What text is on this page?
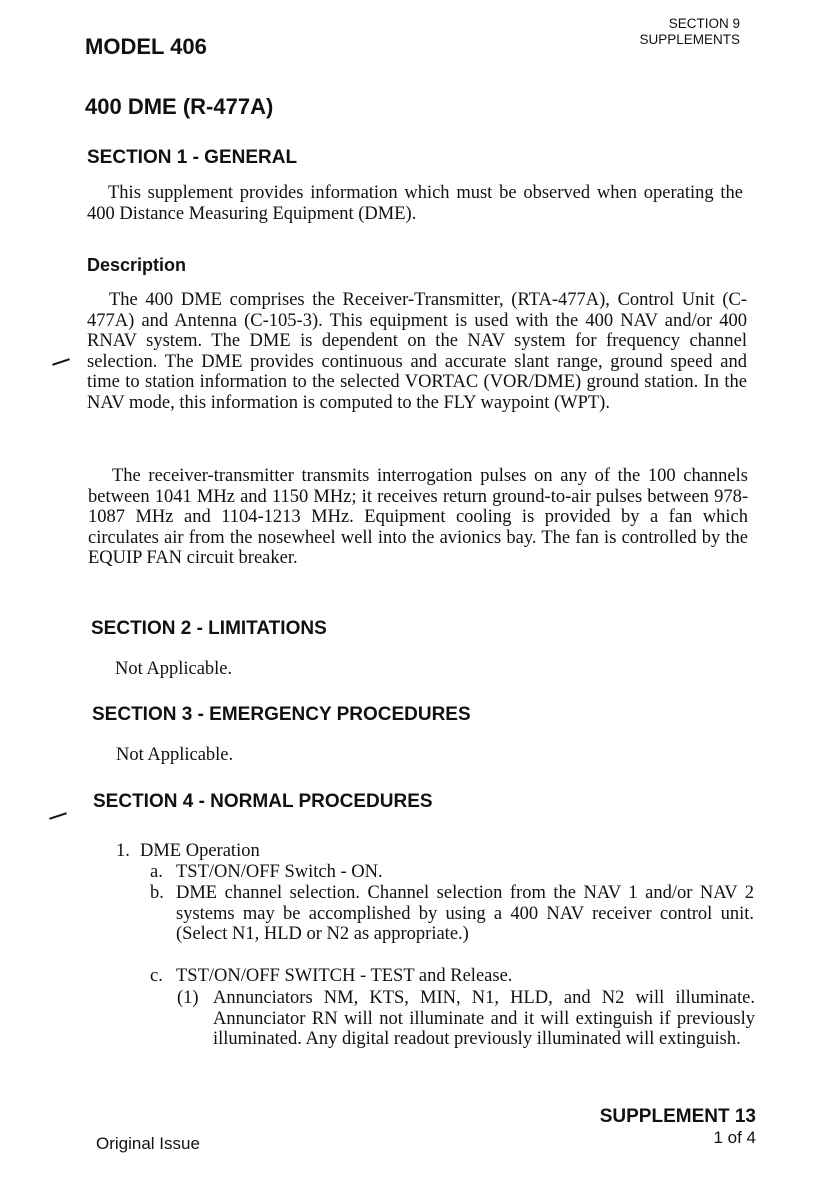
MODEL 406
SECTION 9
SUPPLEMENTS
400 DME (R-477A)
SECTION 1 - GENERAL
This supplement provides information which must be observed when operating the 400 Distance Measuring Equipment (DME).
Description
The 400 DME comprises the Receiver-Transmitter, (RTA-477A), Control Unit (C-477A) and Antenna (C-105-3). This equipment is used with the 400 NAV and/or 400 RNAV system. The DME is dependent on the NAV system for frequency channel selection. The DME provides continuous and accurate slant range, ground speed and time to station information to the selected VORTAC (VOR/DME) ground station. In the NAV mode, this information is computed to the FLY waypoint (WPT).
The receiver-transmitter transmits interrogation pulses on any of the 100 channels between 1041 MHz and 1150 MHz; it receives return ground-to-air pulses between 978-1087 MHz and 1104-1213 MHz. Equipment cooling is provided by a fan which circulates air from the nosewheel well into the avionics bay. The fan is controlled by the EQUIP FAN circuit breaker.
SECTION 2 - LIMITATIONS
Not Applicable.
SECTION 3 - EMERGENCY PROCEDURES
Not Applicable.
SECTION 4 - NORMAL PROCEDURES
1. DME Operation
a. TST/ON/OFF Switch - ON.
b. DME channel selection. Channel selection from the NAV 1 and/or NAV 2 systems may be accomplished by using a 400 NAV receiver control unit. (Select N1, HLD or N2 as appropriate.)
c. TST/ON/OFF SWITCH - TEST and Release.
(1) Annunciators NM, KTS, MIN, N1, HLD, and N2 will illuminate. Annunciator RN will not illuminate and it will extinguish if previously illuminated. Any digital readout previously illuminated will extinguish.
SUPPLEMENT 13
1 of 4
Original Issue
